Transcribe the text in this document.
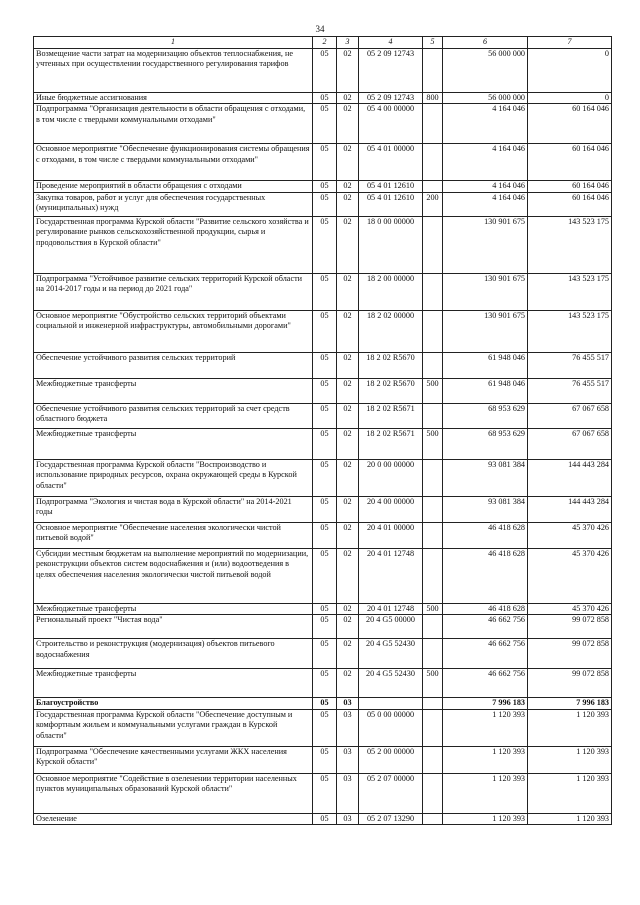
34
1	2	3	4	5	6	7
Возмещение части затрат на модернизацию объектов теплоснабжения, не учтенных при осуществлении государственного регулирования тарифов	05	02	05 2 09 12743		56 000 000	0
Иные бюджетные ассигнования	05	02	05 2 09 12743	800	56 000 000	0
Подпрограмма "Организация деятельности в области обращения с отходами, в том числе с твердыми коммунальными отходами"	05	02	05 4 00 00000		4 164 046	60 164 046
Основное мероприятие "Обеспечение функционирования системы обращения с отходами, в том числе с твердыми коммунальными отходами"	05	02	05 4 01 00000		4 164 046	60 164 046
Проведение мероприятий в области обращения с отходами	05	02	05 4 01 12610		4 164 046	60 164 046
Закупка товаров, работ и услуг для обеспечения государственных (муниципальных) нужд	05	02	05 4 01 12610	200	4 164 046	60 164 046
Государственная программа Курской области "Развитие сельского хозяйства и регулирование рынков сельскохозяйственной продукции, сырья и продовольствия в Курской области"	05	02	18 0 00 00000		130 901 675	143 523 175
Подпрограмма "Устойчивое развитие сельских территорий Курской области на 2014-2017 годы и на период до 2021 года"	05	02	18 2 00 00000		130 901 675	143 523 175
Основное мероприятие "Обустройство сельских территорий объектами социальной и инженерной инфраструктуры, автомобильными дорогами"	05	02	18 2 02 00000		130 901 675	143 523 175
Обеспечение устойчивого развития сельских территорий	05	02	18 2 02 R5670		61 948 046	76 455 517
Межбюджетные трансферты	05	02	18 2 02 R5670	500	61 948 046	76 455 517
Обеспечение устойчивого развития сельских территорий за счет средств областного бюджета	05	02	18 2 02 R5671		68 953 629	67 067 658
Межбюджетные трансферты	05	02	18 2 02 R5671	500	68 953 629	67 067 658
Государственная программа Курской области "Воспроизводство и использование природных ресурсов, охрана окружающей среды в Курской области"	05	02	20 0 00 00000		93 081 384	144 443 284
Подпрограмма "Экология и чистая вода в Курской области" на 2014-2021 годы	05	02	20 4 00 00000		93 081 384	144 443 284
Основное мероприятие "Обеспечение населения экологически чистой питьевой водой"	05	02	20 4 01 00000		46 418 628	45 370 426
Субсидии местным бюджетам на выполнение мероприятий по модернизации, реконструкции объектов систем водоснабжения и (или) водоотведения в целях обеспечения населения экологически чистой питьевой водой	05	02	20 4 01 12748		46 418 628	45 370 426
Межбюджетные трансферты	05	02	20 4 01 12748	500	46 418 628	45 370 426
Региональный проект "Чистая вода"	05	02	20 4 G5 00000		46 662 756	99 072 858
Строительство и реконструкция (модернизация) объектов питьевого водоснабжения	05	02	20 4 G5 52430		46 662 756	99 072 858
Межбюджетные трансферты	05	02	20 4 G5 52430	500	46 662 756	99 072 858
Благоустройство	05	03			7 996 183	7 996 183
Государственная программа Курской области "Обеспечение доступным и комфортным жильем и коммунальными услугами граждан в Курской области"	05	03	05 0 00 00000		1 120 393	1 120 393
Подпрограмма "Обеспечение качественными услугами ЖКХ населения Курской области"	05	03	05 2 00 00000		1 120 393	1 120 393
Основное мероприятие "Содействие в озеленении территории населенных пунктов муниципальных образований Курской области"	05	03	05 2 07 00000		1 120 393	1 120 393
Озеленение	05	03	05 2 07 13290		1 120 393	1 120 393
